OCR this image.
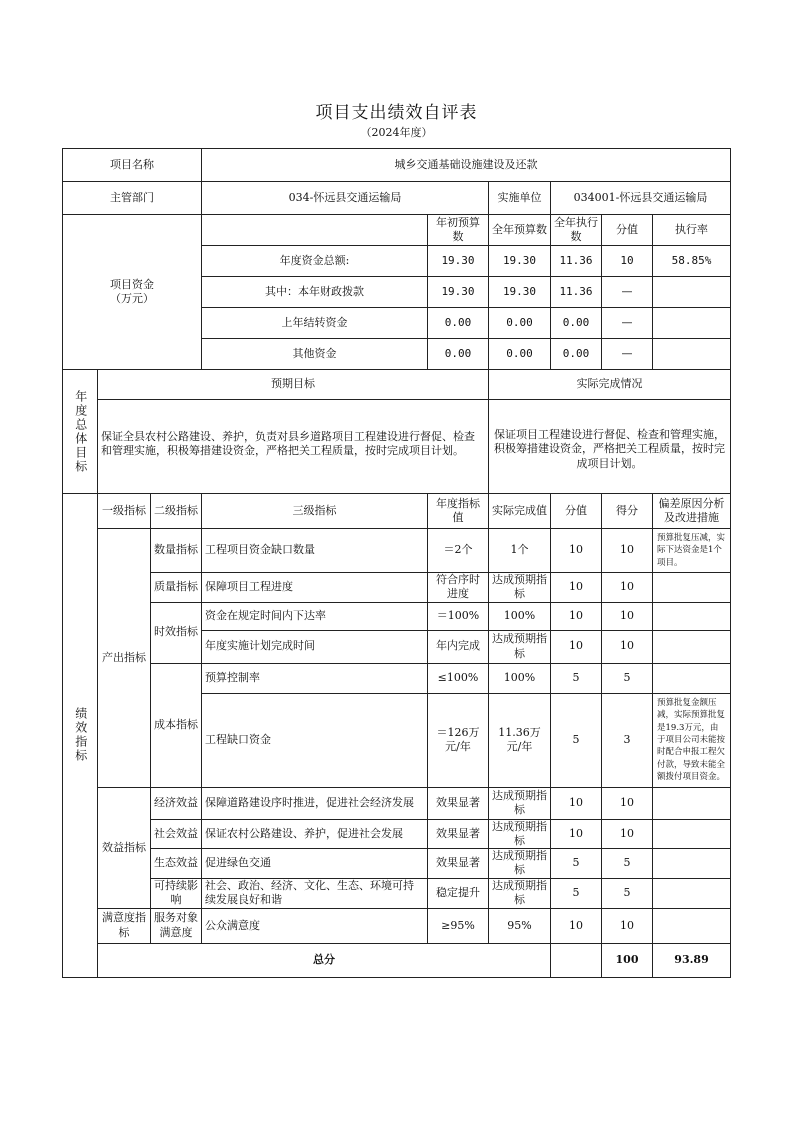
项目支出绩效自评表
（2024年度）
项目名称			城乡交通基础设施建设及还款						
主管部门			034-怀远县交通运输局		实施单位	034001-怀远县交通运输局			
项目资金
（万元）				年初预算数	全年预算数	全年执行数	分值	执行率	
			年度资金总额:	19.30	19.30	11.36	10	58.85%	
			其中：本年财政拨款	19.30	19.30	11.36	—		
			上年结转资金	0.00	0.00	0.00	—		
			其他资金	0.00	0.00	0.00	—		

年度总体目标	预期目标				实际完成情况				
	保证全县农村公路建设、养护，负责对县乡道路项目工程建设进行督促、检查和管理实施，积极筹措建设资金，严格把关工程质量，按时完成项目计划。				保证项目工程建设进行督促、检查和管理实施，积极筹措建设资金，严格把关工程质量，按时完成项目计划。				

绩效指标	一级指标	二级指标	三级指标	年度指标值	实际完成值	分值	得分	偏差原因分析及改进措施	
	产出指标	数量指标	工程项目资金缺口数量	＝2个	1个	10	10	预算批复压减，实际下达资金是1个项目。	
		质量指标	保障项目工程进度	符合序时进度	达成预期指标	10	10		
		时效指标	资金在规定时间内下达率	＝100%	100%	10	10		
			年度实施计划完成时间	年内完成	达成预期指标	10	10		
		成本指标	预算控制率	≤100%	100%	5	5		
			工程缺口资金	＝126万元/年	11.36万元/年	5	3	预算批复金额压减，实际预算批复是19.3万元，由于项目公司未能按时配合申报工程欠付款，导致未能全额拨付项目资金。	
	效益指标	经济效益	保障道路建设序时推进，促进社会经济发展	效果显著	达成预期指标	10	10		
		社会效益	保证农村公路建设、养护，促进社会发展	效果显著	达成预期指标	10	10		
		生态效益	促进绿色交通	效果显著	达成预期指标	5	5		
		可持续影响	社会、政治、经济、文化、生态、环境可持续发展良好和谐	稳定提升	达成预期指标	5	5		
	满意度指标	服务对象满意度	公众满意度	≥95%	95%	10	10		
	总分						100	93.89	
